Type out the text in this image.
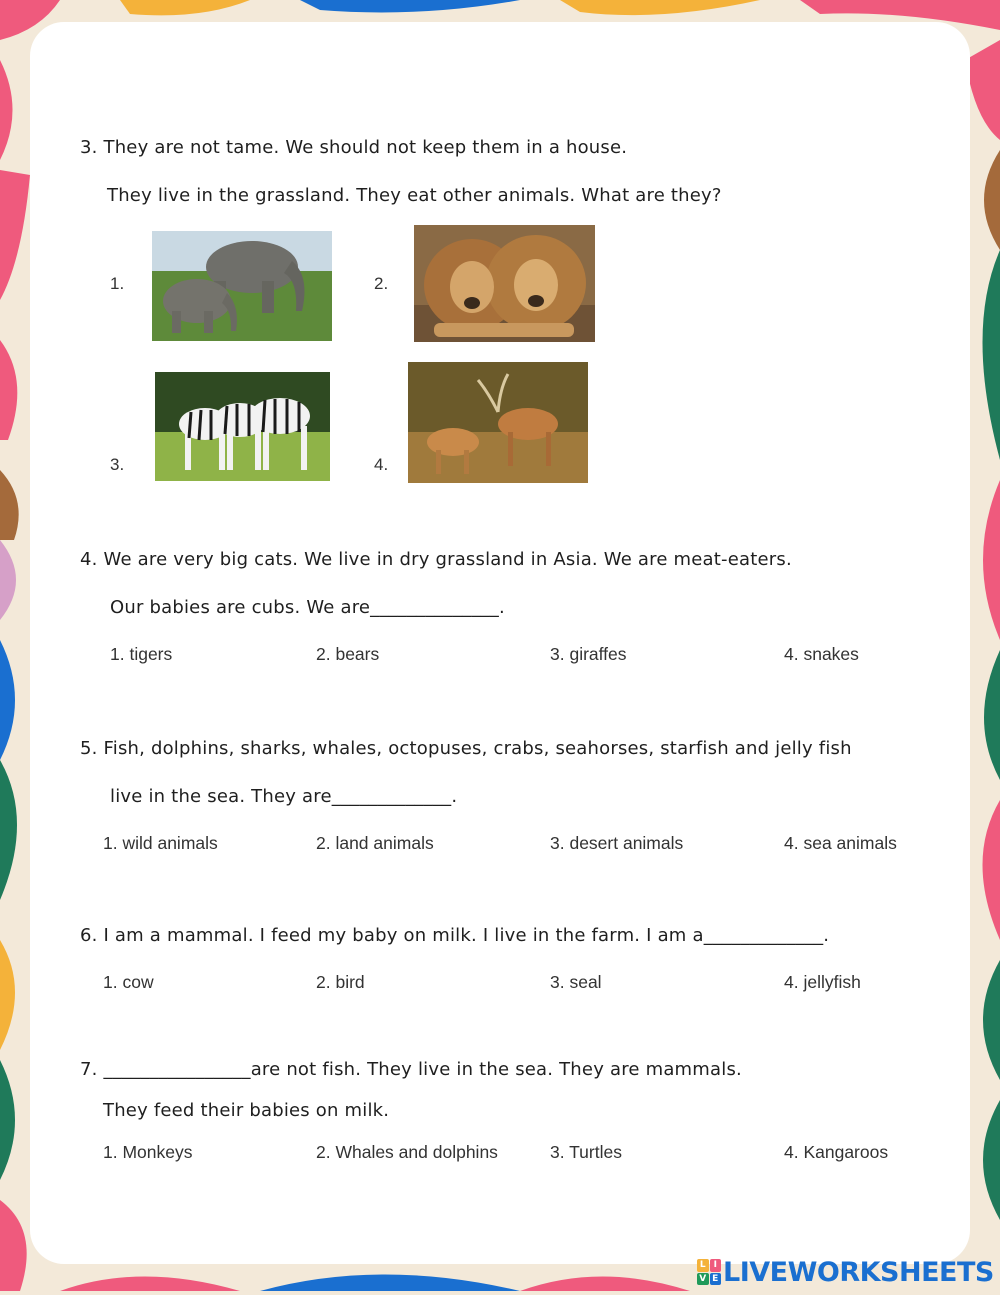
3. They are not tame. We should not keep them in a house.
They live in the grassland. They eat other animals. What are they?
1.	2.
3.	4.
4. We are very big cats. We live in dry grassland in Asia. We are meat-eaters.
Our babies are cubs. We are______________.
1. tigers	2. bears	3. giraffes	4. snakes
5. Fish, dolphins, sharks, whales, octopuses, crabs, seahorses, starfish and jelly fish
live in the sea. They are_____________.
1. wild animals	2. land animals	3. desert animals	4. sea animals
6. I am a mammal. I feed my baby on milk. I live in the farm. I am a_____________.
1. cow	2. bird	3. seal	4. jellyfish
7. ________________are not fish. They live in the sea. They are mammals.
They feed their babies on milk.
1. Monkeys	2. Whales and dolphins	3. Turtles	4. Kangaroos
L I
V E LIVEWORKSHEETS
